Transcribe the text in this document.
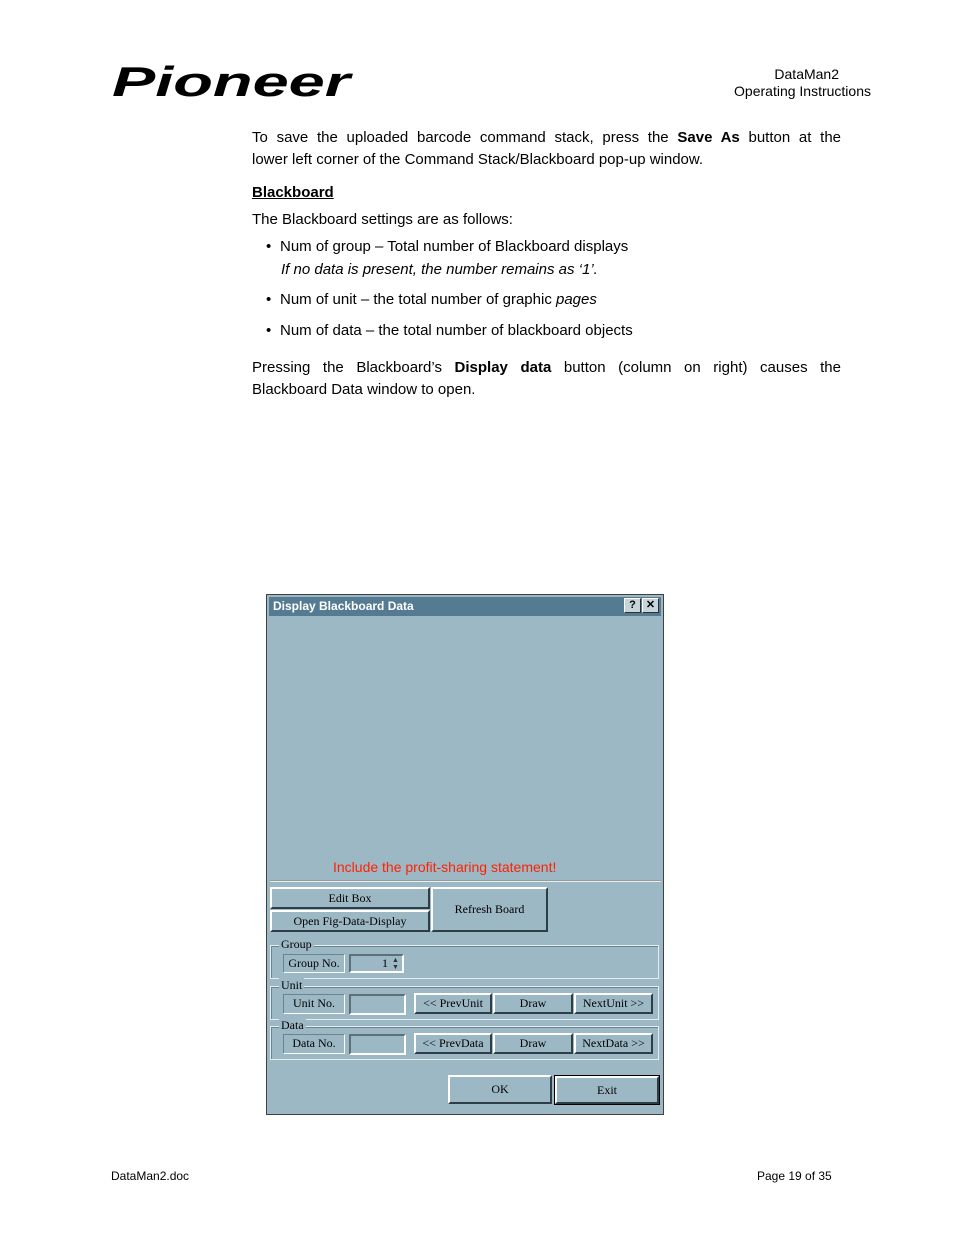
Pioneer	DataMan2
Operating Instructions
To save the uploaded barcode command stack, press the Save As button at the
lower left corner of the Command Stack/Blackboard pop-up window.
Blackboard
The Blackboard settings are as follows:
• Num of group – Total number of Blackboard displays
If no data is present, the number remains as ‘1’.
• Num of unit – the total number of graphic pages
• Num of data – the total number of blackboard objects
Pressing the Blackboard’s Display data button (column on right) causes the
Blackboard Data window to open.
Display Blackboard Data	? ✕
Include the profit-sharing statement!
Edit Box
Open Fig-Data-Display
Refresh Board
Group
Group No.	1 ▲
▼
Unit
Unit No.	<< PrevUnit	Draw	NextUnit >>
Data
Data No.	<< PrevData	Draw	NextData >>
OK	Exit
DataMan2.doc	Page 19 of 35
